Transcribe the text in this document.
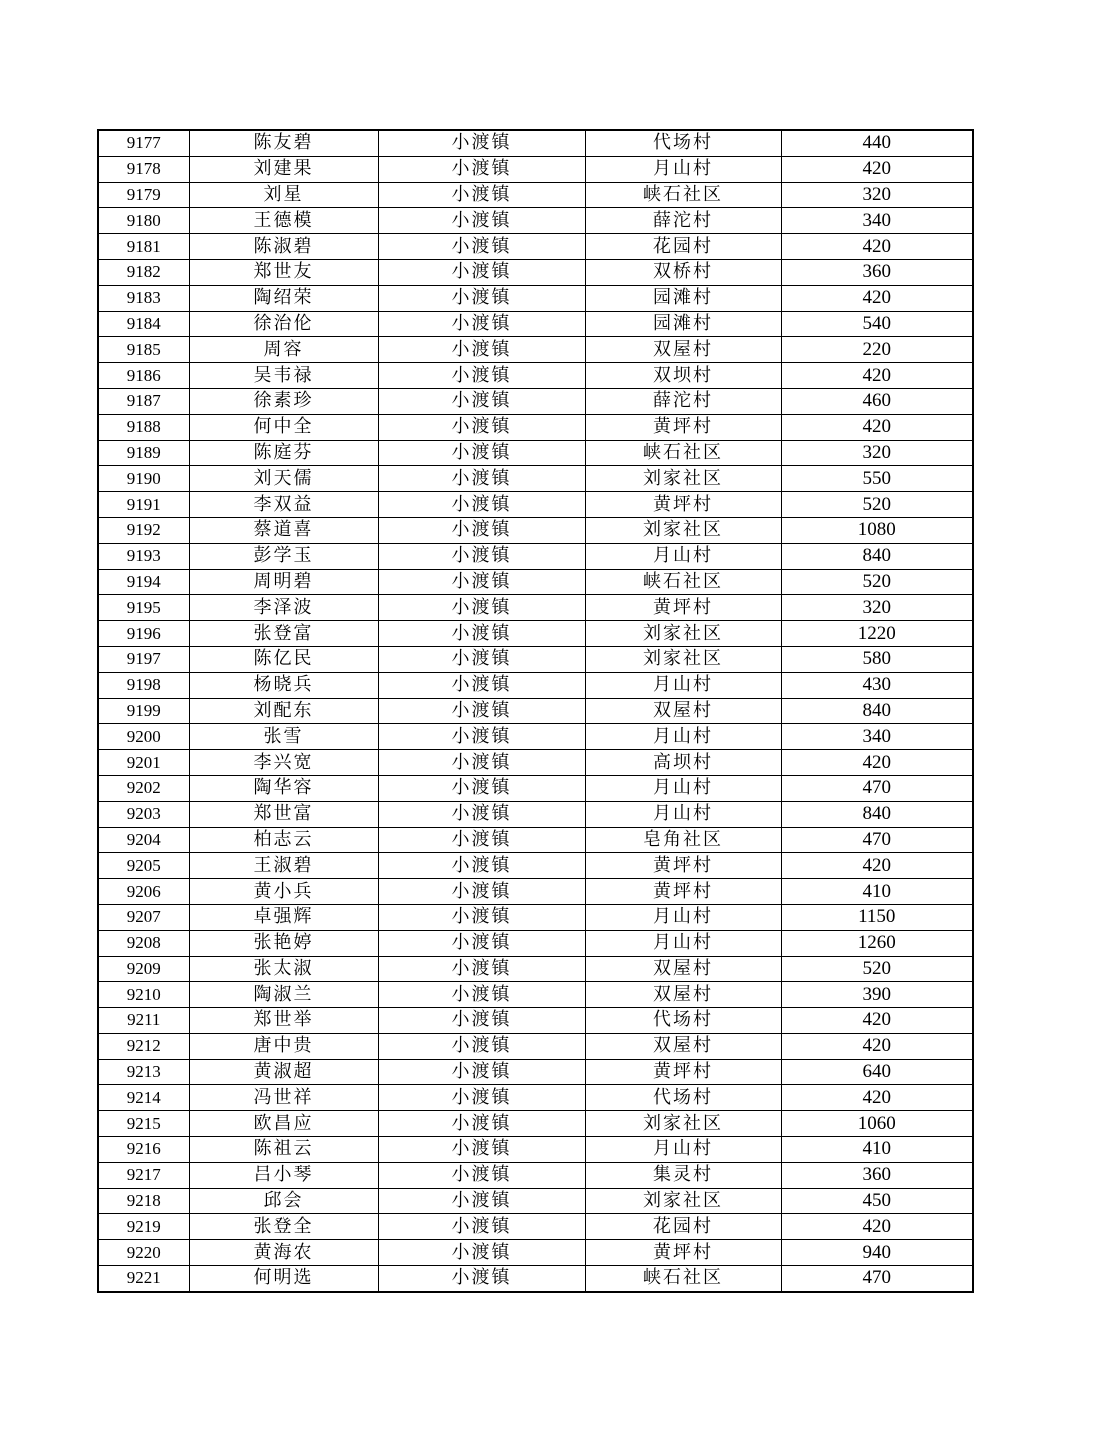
9177	陈友碧	小渡镇	代场村	440
9178	刘建果	小渡镇	月山村	420
9179	刘星	小渡镇	峡石社区	320
9180	王德模	小渡镇	薛沱村	340
9181	陈淑碧	小渡镇	花园村	420
9182	郑世友	小渡镇	双桥村	360
9183	陶绍荣	小渡镇	园滩村	420
9184	徐治伦	小渡镇	园滩村	540
9185	周容	小渡镇	双屋村	220
9186	吴韦禄	小渡镇	双坝村	420
9187	徐素珍	小渡镇	薛沱村	460
9188	何中全	小渡镇	黄坪村	420
9189	陈庭芬	小渡镇	峡石社区	320
9190	刘天儒	小渡镇	刘家社区	550
9191	李双益	小渡镇	黄坪村	520
9192	蔡道喜	小渡镇	刘家社区	1080
9193	彭学玉	小渡镇	月山村	840
9194	周明碧	小渡镇	峡石社区	520
9195	李泽波	小渡镇	黄坪村	320
9196	张登富	小渡镇	刘家社区	1220
9197	陈亿民	小渡镇	刘家社区	580
9198	杨晓兵	小渡镇	月山村	430
9199	刘配东	小渡镇	双屋村	840
9200	张雪	小渡镇	月山村	340
9201	李兴宽	小渡镇	高坝村	420
9202	陶华容	小渡镇	月山村	470
9203	郑世富	小渡镇	月山村	840
9204	柏志云	小渡镇	皂角社区	470
9205	王淑碧	小渡镇	黄坪村	420
9206	黄小兵	小渡镇	黄坪村	410
9207	卓强辉	小渡镇	月山村	1150
9208	张艳婷	小渡镇	月山村	1260
9209	张太淑	小渡镇	双屋村	520
9210	陶淑兰	小渡镇	双屋村	390
9211	郑世举	小渡镇	代场村	420
9212	唐中贵	小渡镇	双屋村	420
9213	黄淑超	小渡镇	黄坪村	640
9214	冯世祥	小渡镇	代场村	420
9215	欧昌应	小渡镇	刘家社区	1060
9216	陈祖云	小渡镇	月山村	410
9217	吕小琴	小渡镇	集灵村	360
9218	邱会	小渡镇	刘家社区	450
9219	张登全	小渡镇	花园村	420
9220	黄海农	小渡镇	黄坪村	940
9221	何明选	小渡镇	峡石社区	470
